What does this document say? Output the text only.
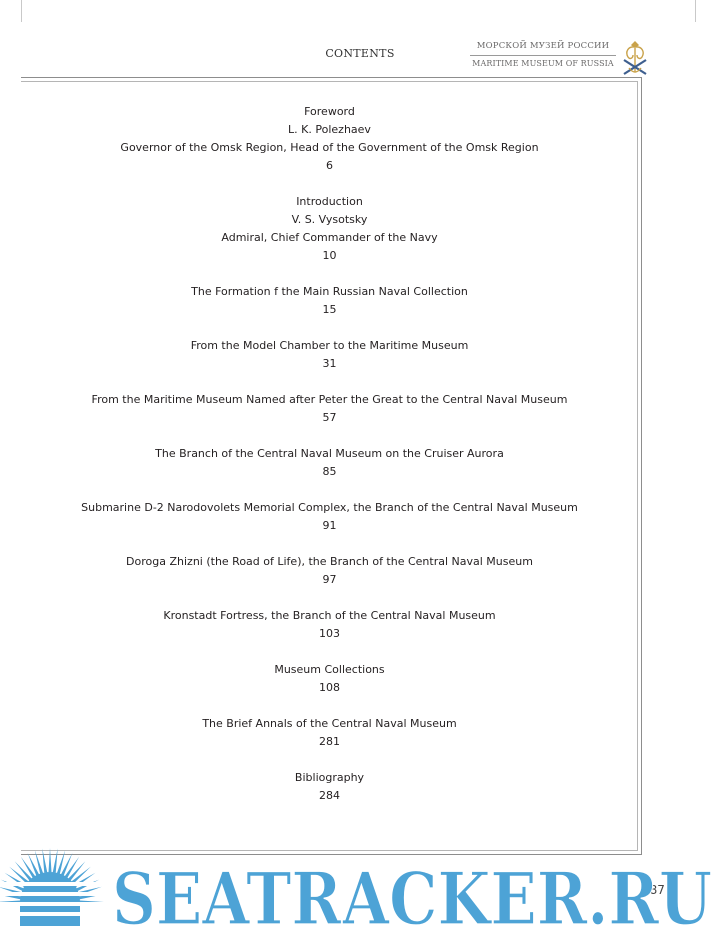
CONTENTS
МОРСКОЙ МУЗЕЙ РОССИИ
MARITIME MUSEUM OF RUSSIA
Foreword
L. K. Polezhaev
Governor of the Omsk Region, Head of the Government of the Omsk Region
6
Introduction
V. S. Vysotsky
Admiral, Chief Commander of the Navy
10
The Formation f the Main Russian Naval Collection
15
From the Model Chamber to the Maritime Museum
31
From the Maritime Museum Named after Peter the Great to the Central Naval Museum
57
The Branch of the Central Naval Museum on the Cruiser Aurora
85
Submarine D-2 Narodovolets Memorial Complex, the Branch of the Central Naval Museum
91
Doroga Zhizni (the Road of Life), the Branch of the Central Naval Museum
97
Kronstadt Fortress, the Branch of the Central Naval Museum
103
Museum Collections
108
The Brief Annals of the Central Naval Museum
281
Bibliography
284
287
SEATRACKER.RU
